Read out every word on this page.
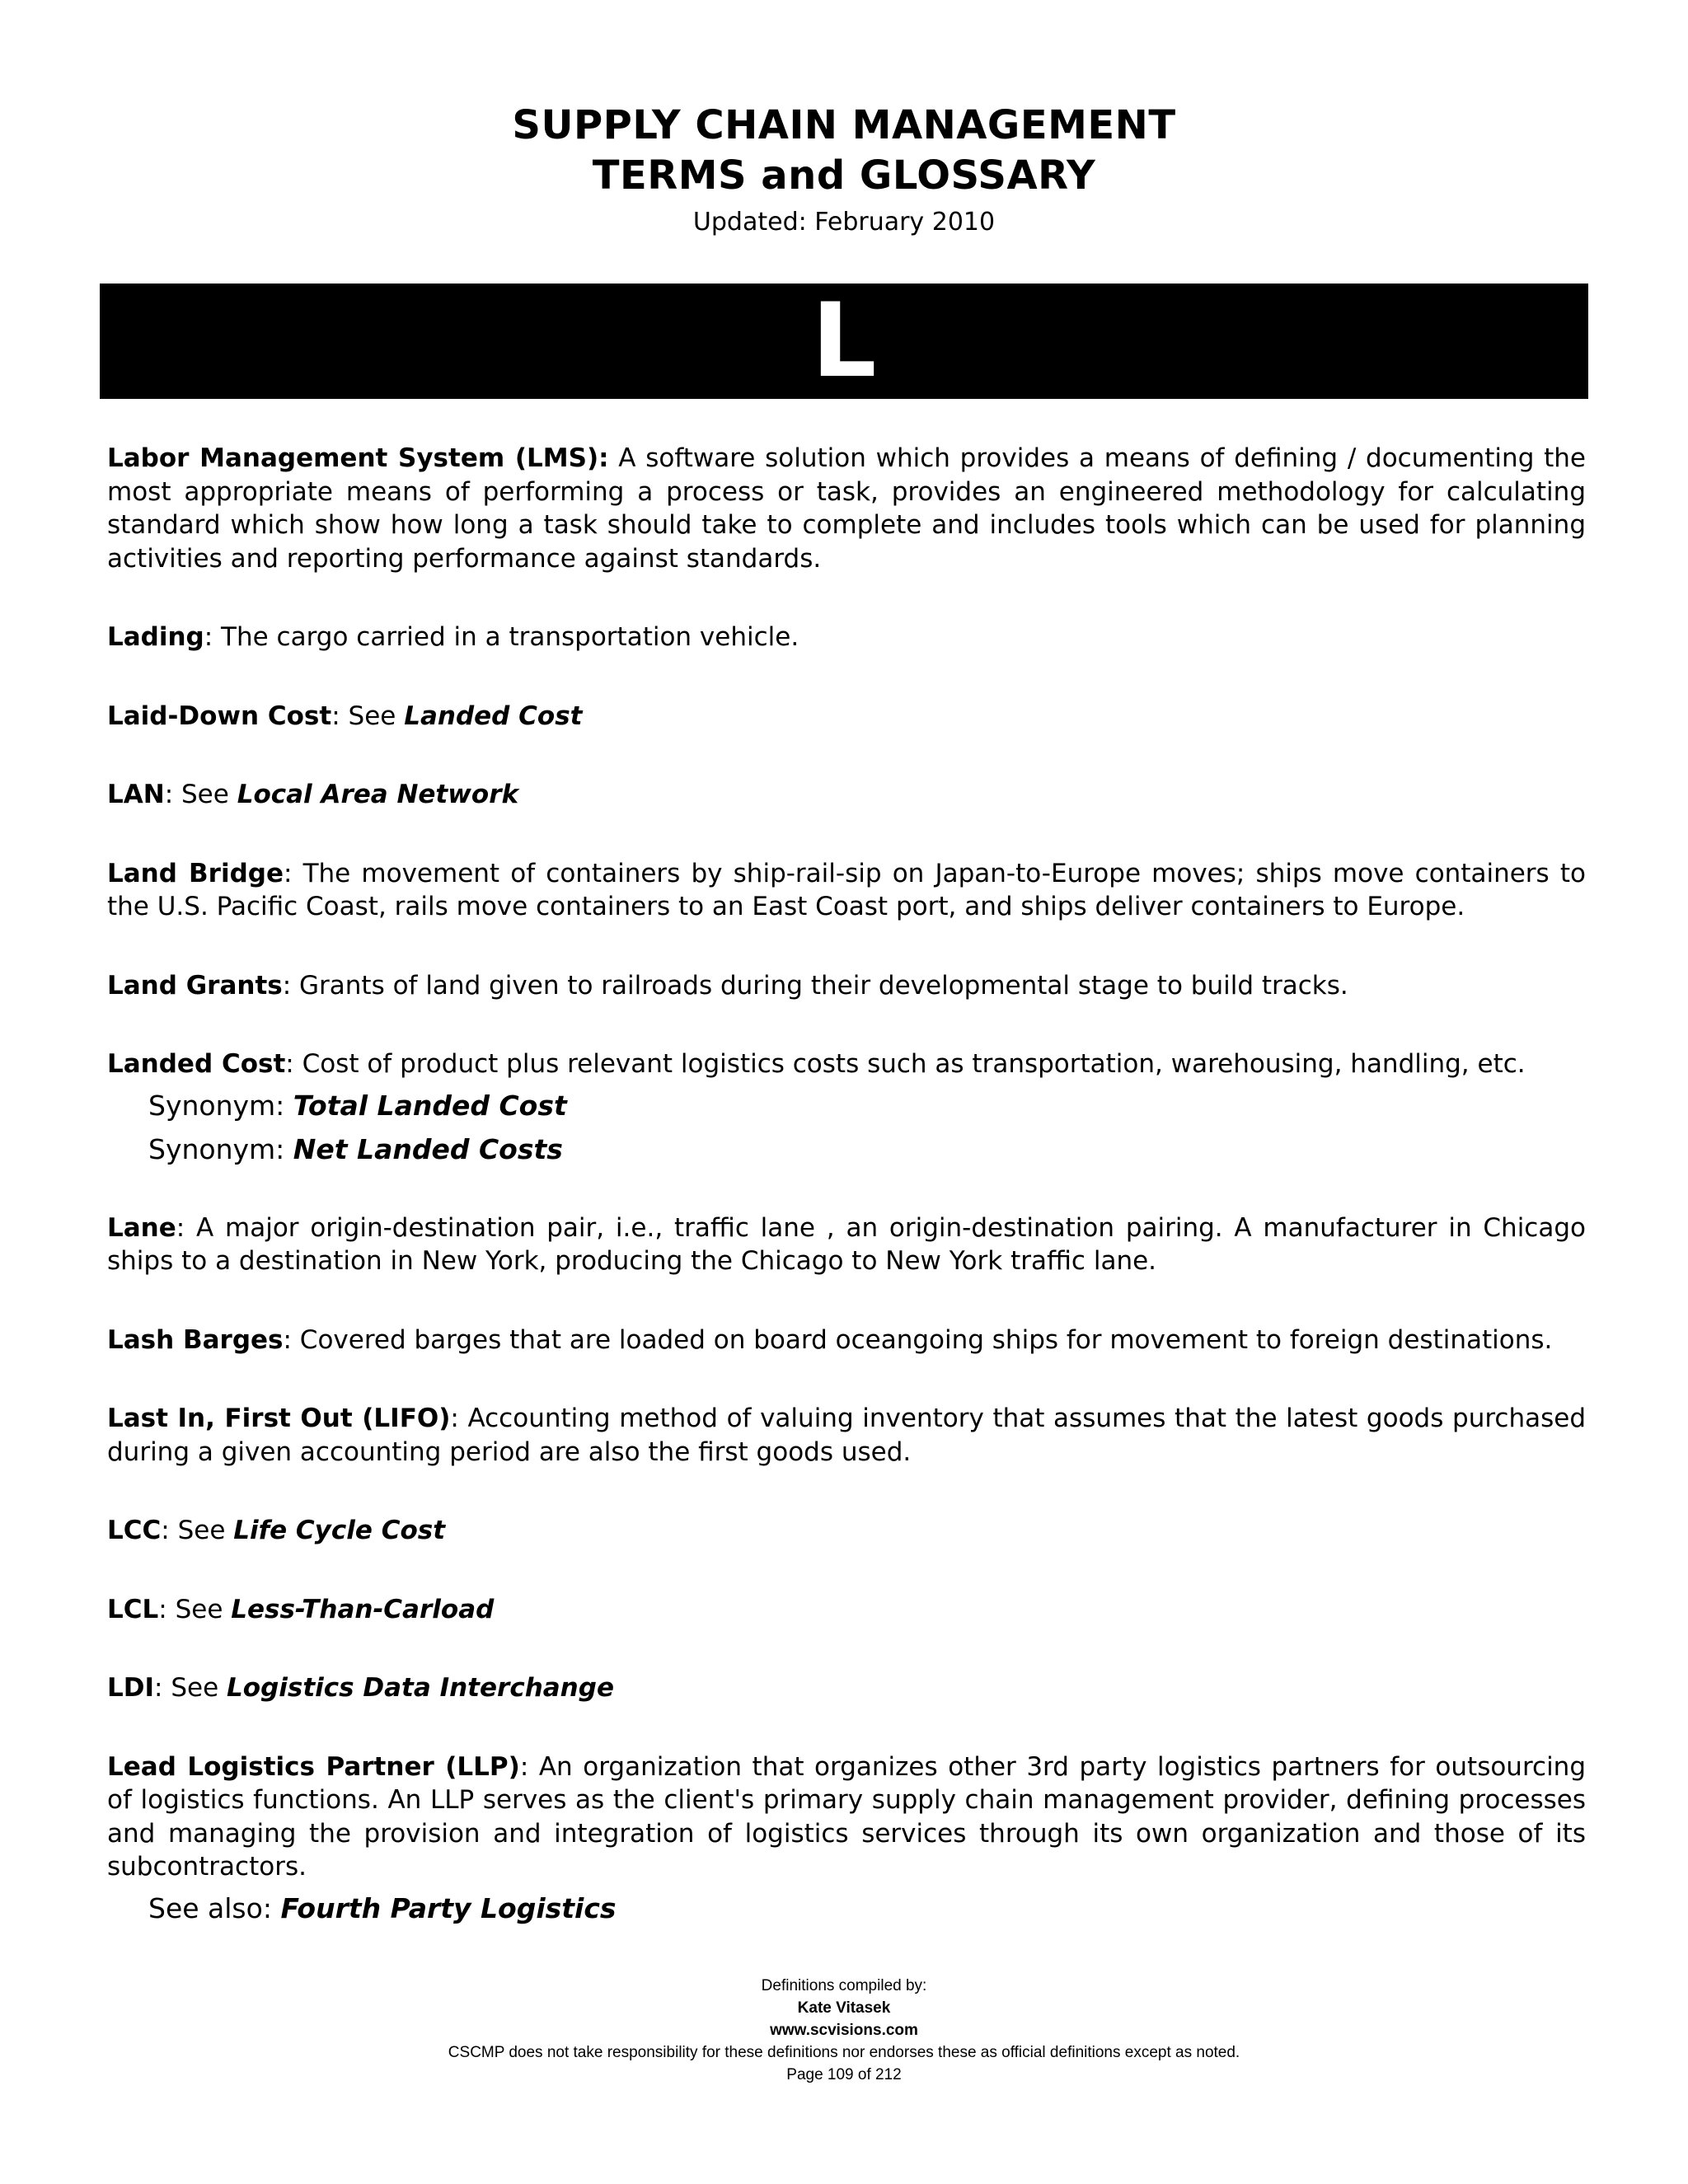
SUPPLY CHAIN MANAGEMENT
TERMS and GLOSSARY
Updated: February 2010
L
Labor Management System (LMS): A software solution which provides a means of defining / documenting the most appropriate means of performing a process or task, provides an engineered methodology for calculating standard which show how long a task should take to complete and includes tools which can be used for planning activities and reporting performance against standards.
Lading: The cargo carried in a transportation vehicle.
Laid-Down Cost: See Landed Cost
LAN: See Local Area Network
Land Bridge: The movement of containers by ship-rail-sip on Japan-to-Europe moves; ships move containers to the U.S. Pacific Coast, rails move containers to an East Coast port, and ships deliver containers to Europe.
Land Grants: Grants of land given to railroads during their developmental stage to build tracks.
Landed Cost: Cost of product plus relevant logistics costs such as transportation, warehousing, handling, etc.
Synonym: Total Landed Cost
Synonym: Net Landed Costs
Lane: A major origin-destination pair, i.e., traffic lane , an origin-destination pairing. A manufacturer in Chicago ships to a destination in New York, producing the Chicago to New York traffic lane.
Lash Barges: Covered barges that are loaded on board oceangoing ships for movement to foreign destinations.
Last In, First Out (LIFO): Accounting method of valuing inventory that assumes that the latest goods purchased during a given accounting period are also the first goods used.
LCC: See Life Cycle Cost
LCL: See Less-Than-Carload
LDI: See Logistics Data Interchange
Lead Logistics Partner (LLP): An organization that organizes other 3rd party logistics partners for outsourcing of logistics functions. An LLP serves as the client's primary supply chain management provider, defining processes and managing the provision and integration of logistics services through its own organization and those of its subcontractors.
See also: Fourth Party Logistics
Definitions compiled by:
Kate Vitasek
www.scvisions.com
CSCMP does not take responsibility for these definitions nor endorses these as official definitions except as noted.
Page 109 of 212
